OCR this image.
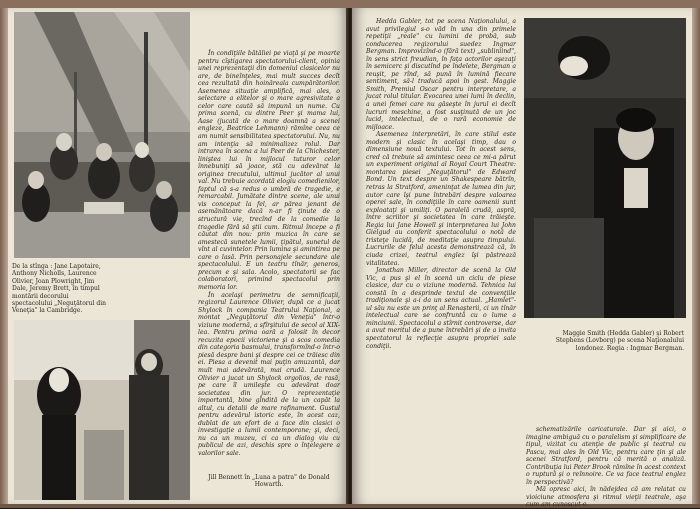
De la stînga : Jane Lapotaire, Anthony Nicholls, Laurence Olivier, Joan Plowright, Jim Dale, Jeremy Brett, în timpul montării decorului spectacolului „Neguţătorul din Veneţia" la Cambridge.
Jill Bennett în „Luna a patra" de Donald Howarth.

În condiţiile bătăliei pe viaţă şi pe moarte pentru cîştigarea spectatorului-client, opinia unei reprezentaţii din domeniul clasicelor nu are, de bineînţeles, mai mult succes decît cea rezultată din hoinăreala cumpărătorilor. Asemenea situaţie amplifică, mai ales, o selectare a elitelor şi o mare agresivitate a celor care caută să impună un nume. Cu prima scenă, cu dintre Peer şi mama lui, Aase (jucată de o mare doamnă a scenei engleze, Beatrice Lehmann) rămîne ceea ce am numit sensibilitatea spectatorului. Nu, nu am intenţia să minimalizez rolul. Dar intrarea în scena a lui Peer de la Chichester, liniştea lui în mijlocul tuturor celor înnebuniţi să joace, stă cu adevărat la originea trecutului, ultimul jucător al unui val. Nu trebuie acordată elogiu comedienilor, faptul că s-a redus o umbră de tragedie, e remarcabil. Jumătate dintre scene, ale unui vis conceput la fel, ar părea jenant de asemănătoare dacă n-ar fi ţinute de o structură vie, trecînd de la comedie la tragedie fără să ştii cum. Ritmul începe a fi căutat din nou: prin muzica în care se amestecă sunetele lumii, ţipătul, sunetul de vînt al cuvintelor. Prin lumina şi amintirea pe care o lasă. Prin personajele secundare ale spectacolului. E un teatru tînăr, generos, precum e şi sala. Acolo, spectatorii se fac colaboratori, primind spectacolul prin memoria lor.

În acelaşi perimetru de semnificaţii, regizorul Laurence Olivier, după ce a jucat Shylock în compania Teatrului Naţional, a montat „Neguţătorul din Veneţia" într-o viziune modernă, a sfîrşitului de secol al XIX-lea. Pentru prima oară a folosit în decor recuzita epocii victoriene şi a scos comedia din categoria basmului, transformînd-o într-o piesă despre bani şi despre cei ce trăiesc din ei. Piesa a devenit mai puţin amuzantă, dar mult mai adevărată, mai crudă. Laurence Olivier a jucat un Shylock orgolios, de rasă, pe care îl umileşte cu adevărat doar societatea din jur. O reprezentaţie importantă, bine gîndită de la un capăt la altul, cu detalii de mare rafinament. Gustul pentru adevărul istoric este, în acest caz, dublat de un efort de a face din clasici o investigaţie a lumii contemporane; şi, deci, nu ca un muzeu, ci ca un dialog viu cu publicul de azi, deschis spre o înţelegere a valorilor sale.

Hedda Gabler, tot pe scena Naţionalului, a avut privilegiul s-o văd în una din primele repetiţii „reale" cu lumini de probă, sub conducerea regizorului suedez Ingmar Bergman. Improvizînd-o (fără text) „subliniind", în sens strict freudian, în faţa actorilor aşezaţi în semicerc şi discutînd pe îndelete, Bergman a reuşit, pe rînd, să pună în lumină fiecare sentiment, să-l traducă apoi în gest. Maggie Smith, Premiul Oscar pentru interpretare, a jucat rolul titular. Evocarea unei lumi în declin, a unei femei care nu găseşte în jurul ei decît lucruri meschine, a fost susţinută de un joc lucid, intelectual, de o rară economie de mijloace.

Asemenea interpretări, în care stilul este modern şi clasic în acelaşi timp, dau o dimensiune nouă textului. Tot în acest sens, cred că trebuie să amintesc ceea ce mi-a părut un experiment original al Royal Court Theatre: montarea piesei „Neguţătorul" de Edward Bond. Un text despre un Shakespeare bătrîn, retras la Stratford, ameninţat de lumea din jur, autor care îşi pune întrebări despre valoarea operei sale, în condiţiile în care oamenii sunt exploataţi şi umiliţi. O paralelă crudă, aspră, între scriitor şi societatea în care trăieşte. Regia lui Jane Howell şi interpretarea lui John Gielgud au conferit spectacolului o notă de tristeţe lucidă, de meditaţie asupra timpului. Lucrurile de felul acesta demonstrează că, în ciuda crizei, teatrul englez îşi păstrează vitalitatea.

Jonathan Miller, director de scenă la Old Vic, a pus şi el în scenă un ciclu de piese clasice, dar cu o viziune modernă. Tehnica lui constă în a desprinde textul de convenţiile tradiţionale şi a-i da un sens actual. „Hamlet"-ul său nu este un prinţ al Renaşterii, ci un tînăr intelectual care se confruntă cu o lume a minciunii. Spectacolul a stîrnit controverse, dar a avut meritul de a pune întrebări şi de a invita spectatorul la reflecţie asupra propriei sale condiţii.

Maggie Smith (Hedda Gabler) şi Robert Stephens (Lovborg) pe scena Naţionalului londonez. Regia : Ingmar Bergman.

schematizările caricaturale. Dar şi aici, o imagine ambiguă cu o paralelism şi simplificare de tipul, vizitat cu atenţie de public şi teatrul cu Pascu, mai ales în Old Vic, pentru care ţin şi ale scenei Stratford, pentru că merită o analiză. Contribuţia lui Peter Brook rămîne în acest context o ruptură şi o reînnoire. Ce va face teatrul englez în perspectivă?

Mă opresc aici, în nădejdea că am relatat cu vioiciune atmosfera şi ritmul vieţii teatrale, aşa cum am cunoscut-o.
